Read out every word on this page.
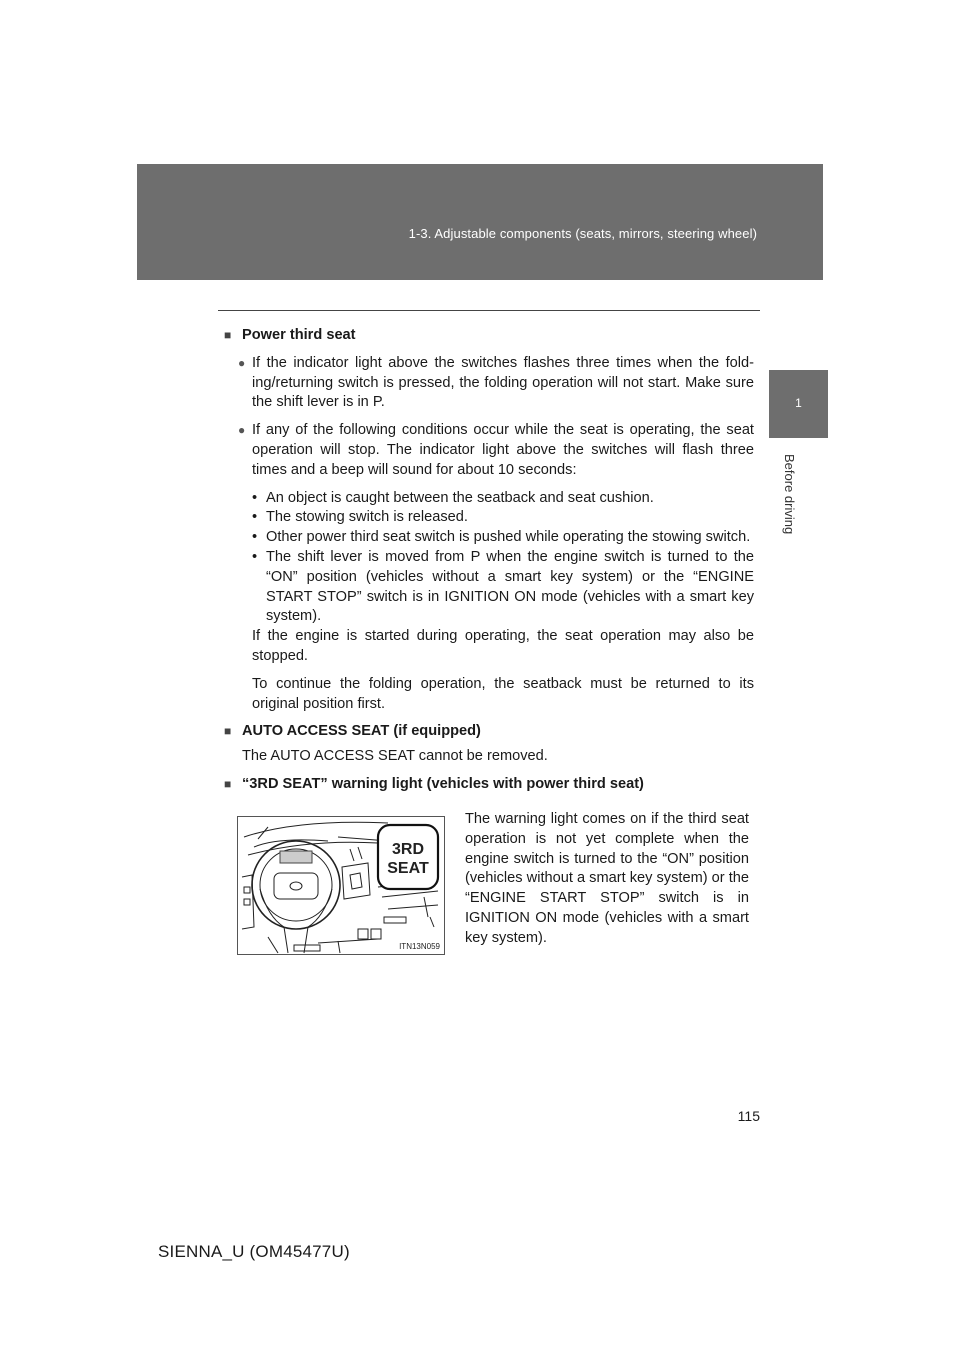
1-3. Adjustable components (seats, mirrors, steering wheel)
1
Before driving
■ Power third seat
● If the indicator light above the switches flashes three times when the fold-ing/returning switch is pressed, the folding operation will not start. Make sure the shift lever is in P.
● If any of the following conditions occur while the seat is operating, the seat operation will stop. The indicator light above the switches will flash three times and a beep will sound for about 10 seconds:
• An object is caught between the seatback and seat cushion.
• The stowing switch is released.
• Other power third seat switch is pushed while operating the stowing switch.
• The shift lever is moved from P when the engine switch is turned to the “ON” position (vehicles without a smart key system) or the “ENGINE START STOP” switch is in IGNITION ON mode (vehicles with a smart key system).
If the engine is started during operating, the seat operation may also be stopped.
To continue the folding operation, the seatback must be returned to its original position first.
■ AUTO ACCESS SEAT (if equipped)
The AUTO ACCESS SEAT cannot be removed.
■ “3RD SEAT” warning light (vehicles with power third seat)
3RD
SEAT
ITN13N059
The warning light comes on if the third seat operation is not yet complete when the engine switch is turned to the “ON” position (vehicles without a smart key system) or the “ENGINE START STOP” switch is in IGNITION ON mode (vehicles with a smart key system).
115
SIENNA_U (OM45477U)
